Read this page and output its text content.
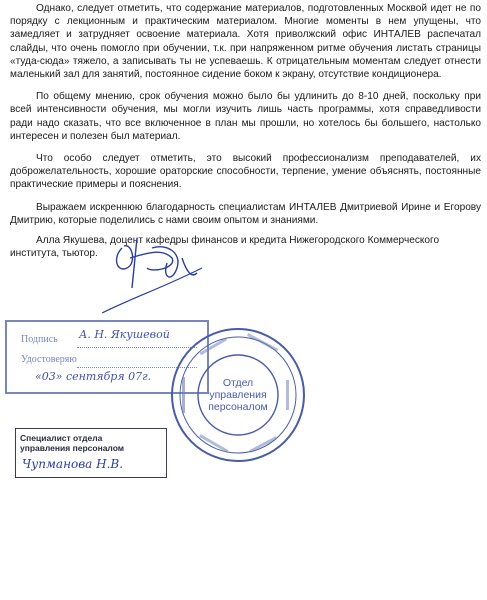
Однако, следует отметить, что содержание материалов, подготовленных Москвой идет не по порядку с лекционным и практическим материалом. Многие моменты в нем упущены, что замедляет и затрудняет освоение материала. Хотя приволжский офис ИНТАЛЕВ распечатал слайды, что очень помогло при обучении, т.к. при напряженном ритме обучения листать страницы «туда-сюда» тяжело, а записывать ты не успеваешь. К отрицательным моментам следует отнести маленький зал для занятий, постоянное сидение боком к экрану, отсутствие кондиционера.

По общему мнению, срок обучения можно было бы удлинить до 8-10 дней, поскольку при всей интенсивности обучения, мы могли изучить лишь часть программы, хотя справедливости ради надо сказать, что все включенное в план мы прошли, но хотелось бы большего, настолько интересен и полезен был материал.

Что особо следует отметить, это высокий профессионализм преподавателей, их доброжелательность, хорошие ораторские способности, терпение, умение объяснять, постоянные практические примеры и пояснения.

Выражаем искреннюю благодарность специалистам ИНТАЛЕВ Дмитриевой Ирине и Егорову Дмитрию, которые поделились с нами своим опытом и знаниями.

Алла Якушева, доцент кафедры финансов и кредита Нижегородского Коммерческого института, тьютор.

Подпись А. Н. Якушевой
Удостоверяю
«03» сентября 07г.
Специалист отдела
управления персоналом
Чупманова Н.В.
Отдел
управления
персоналом
